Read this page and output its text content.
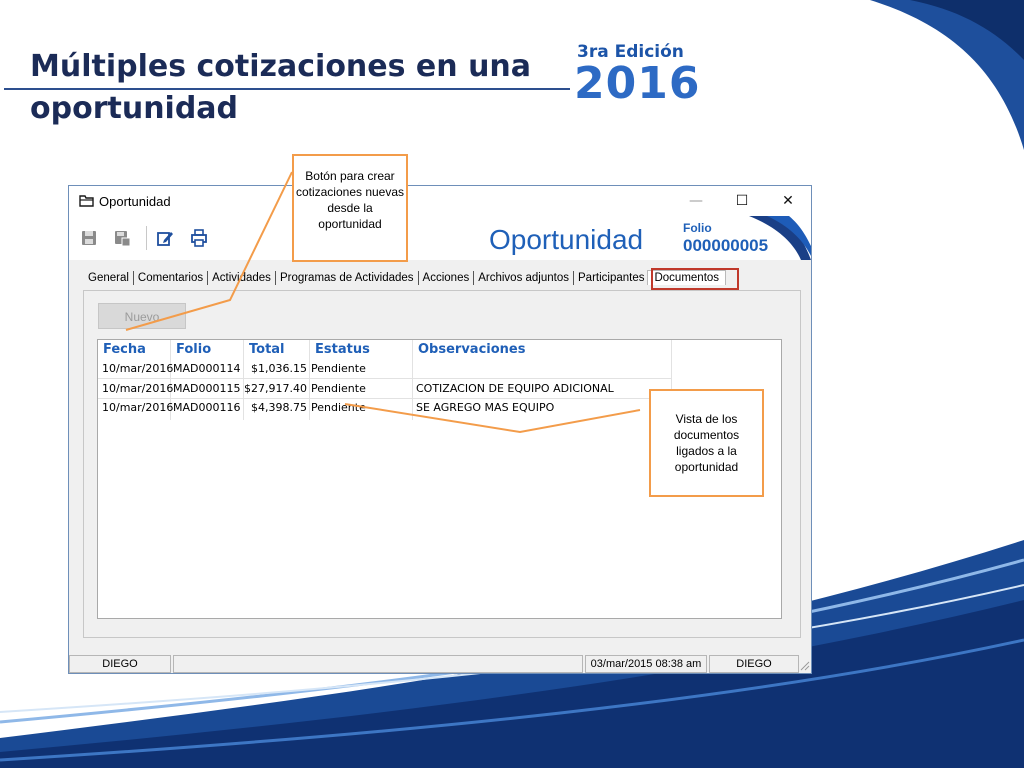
Múltiples cotizaciones en una
oportunidad
3ra Edición
2016
Oportunidad	—	☐	✕
Oportunidad	Folio
000000005
General Comentarios Actividades Programas de Actividades Acciones Archivos adjuntos Participantes Documentos
Nuevo
Fecha Folio	Total Estatus	Observaciones
10/mar/2016 MAD000114 $1,036.15 Pendiente
10/mar/2016 MAD000115 $27,917.40 Pendiente	COTIZACION DE EQUIPO ADICIONAL
10/mar/2016 MAD000116 $4,398.75 Pendiente	SE AGREGO MAS EQUIPO
DIEGO	03/mar/2015 08:38 am	DIEGO
Botón para crear cotizaciones nuevas desde la oportunidad
Vista de los documentos ligados a la oportunidad
